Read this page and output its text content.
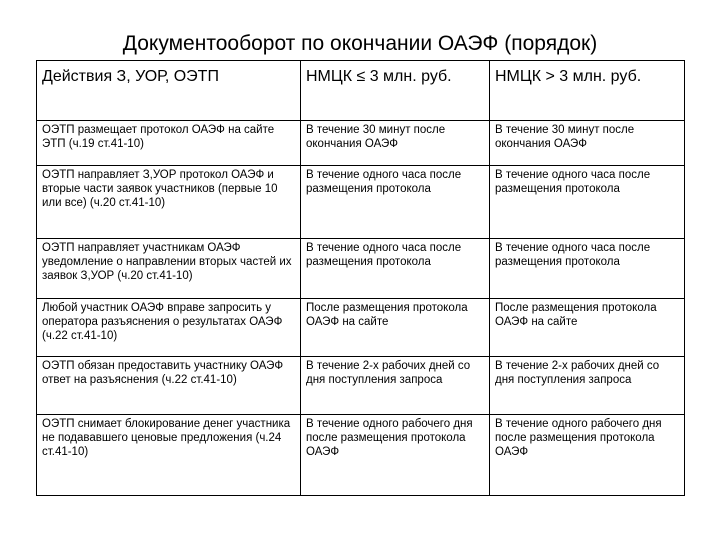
Документооборот по окончании ОАЭФ (порядок)
Действия З, УОР, ОЭТП	НМЦК ≤ 3 млн. руб.	НМЦК > 3 млн. руб.
ОЭТП размещает протокол ОАЭФ на сайте ЭТП (ч.19 ст.41-10)	В течение 30 минут после окончания ОАЭФ	В течение 30 минут после окончания ОАЭФ
ОЭТП направляет З,УОР протокол ОАЭФ и вторые части заявок участников (первые 10 или все) (ч.20 ст.41-10)	В течение одного часа после размещения протокола	В течение одного часа после размещения протокола
ОЭТП направляет участникам ОАЭФ уведомление о направлении вторых частей их заявок З,УОР (ч.20 ст.41-10)	В течение одного часа после размещения протокола	В течение одного часа после размещения протокола
Любой участник ОАЭФ вправе запросить у оператора разъяснения о результатах ОАЭФ (ч.22 ст.41-10)	После размещения протокола ОАЭФ на сайте	После размещения протокола ОАЭФ на сайте
ОЭТП обязан предоставить участнику ОАЭФ ответ на разъяснения (ч.22 ст.41-10)	В течение 2-х рабочих дней со дня поступления запроса	В течение 2-х рабочих дней со дня поступления запроса
ОЭТП снимает блокирование денег участника не подававшего ценовые предложения (ч.24 ст.41-10)	В течение одного рабочего дня после размещения протокола ОАЭФ	В течение одного рабочего дня после размещения протокола ОАЭФ
